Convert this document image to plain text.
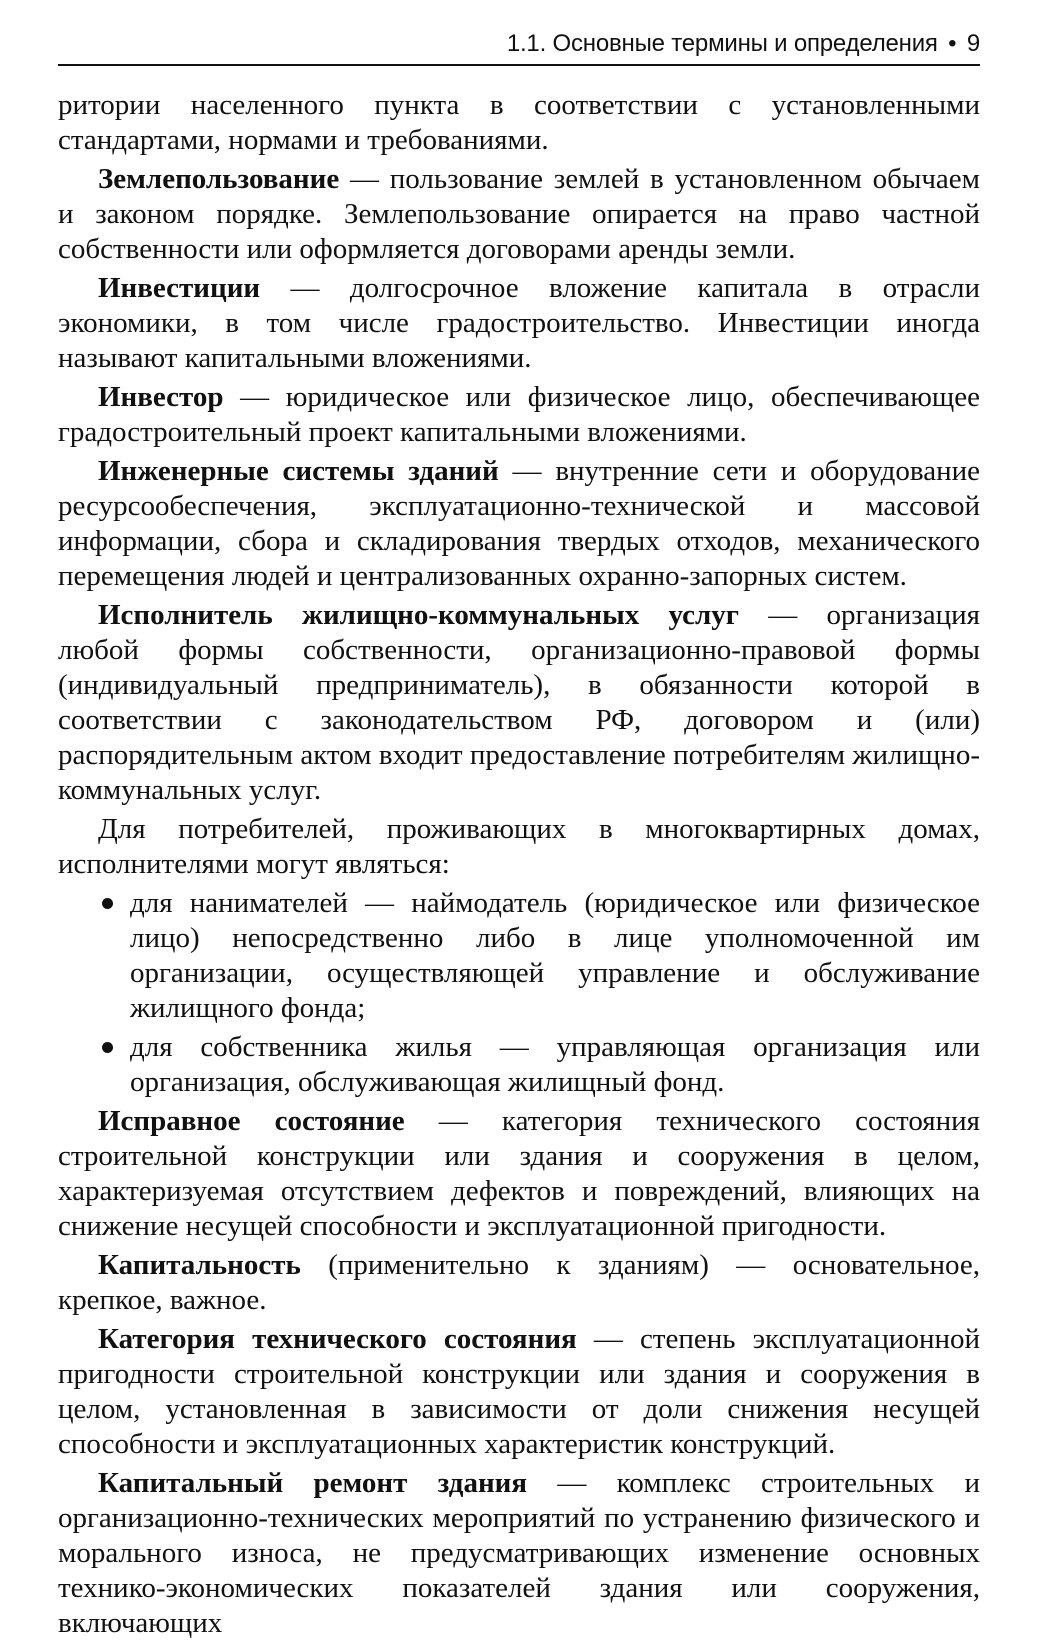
1.1. Основные термины и определения • 9

ритории населенного пункта в соответствии с установленными стандартами, нормами и требованиями.

Землепользование — пользование землей в установленном обычаем и законом порядке. Землепользование опирается на право частной собственности или оформляется договорами аренды земли.

Инвестиции — долгосрочное вложение капитала в отрасли экономики, в том числе градостроительство. Инвестиции иногда называют капитальными вложениями.

Инвестор — юридическое или физическое лицо, обеспечивающее градостроительный проект капитальными вложениями.

Инженерные системы зданий — внутренние сети и оборудование ресурсообеспечения, эксплуатационно-технической и массовой информации, сбора и складирования твердых отходов, механического перемещения людей и централизованных охранно-запорных систем.

Исполнитель жилищно-коммунальных услуг — организация любой формы собственности, организационно-правовой формы (индивидуальный предприниматель), в обязанности которой в соответствии с законодательством РФ, договором и (или) распорядительным актом входит предоставление потребителям жилищно-коммунальных услуг.

Для потребителей, проживающих в многоквартирных домах, исполнителями могут являться:

для нанимателей — наймодатель (юридическое или физическое лицо) непосредственно либо в лице уполномоченной им организации, осуществляющей управление и обслуживание жилищного фонда;
для собственника жилья — управляющая организация или организация, обслуживающая жилищный фонд.

Исправное состояние — категория технического состояния строительной конструкции или здания и сооружения в целом, характеризуемая отсутствием дефектов и повреждений, влияющих на снижение несущей способности и эксплуатационной пригодности.

Капитальность (применительно к зданиям) — основательное, крепкое, важное.

Категория технического состояния — степень эксплуатационной пригодности строительной конструкции или здания и сооружения в целом, установленная в зависимости от доли снижения несущей способности и эксплуатационных характеристик конструкций.

Капитальный ремонт здания — комплекс строительных и организационно-технических мероприятий по устранению физического и морального износа, не предусматривающих изменение основных технико-экономических показателей здания или сооружения, включающих
